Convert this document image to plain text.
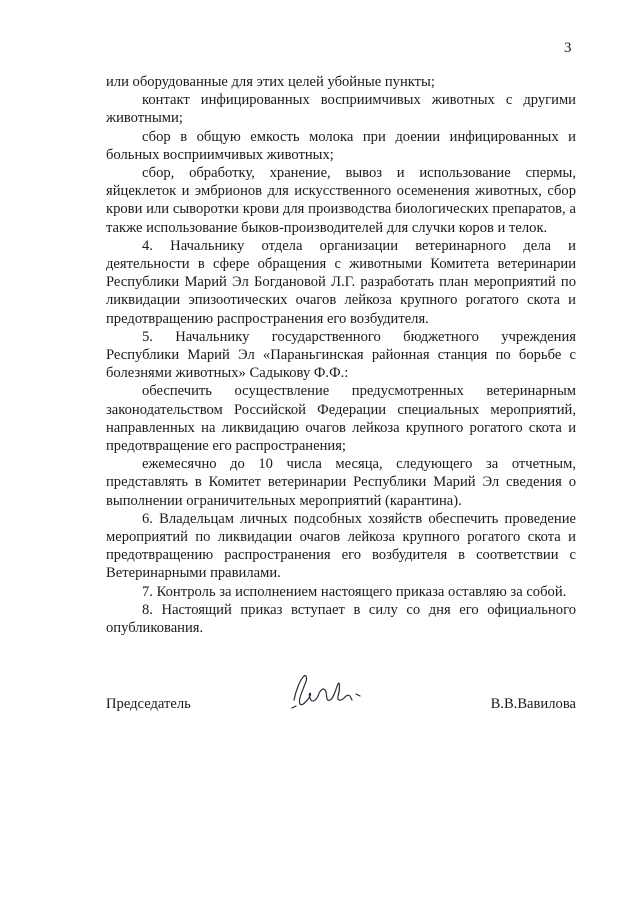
3

или оборудованные для этих целей убойные пункты;

контакт инфицированных восприимчивых животных с другими животными;

сбор в общую емкость молока при доении инфицированных и больных восприимчивых животных;

сбор, обработку, хранение, вывоз и использование спермы, яйцеклеток и эмбрионов для искусственного осеменения животных, сбор крови или сыворотки крови для производства биологических препаратов, а также использование быков-производителей для случки коров и телок.

4. Начальнику отдела организации ветеринарного дела и деятельности в сфере обращения с животными Комитета ветеринарии Республики Марий Эл Богдановой Л.Г. разработать план мероприятий по ликвидации эпизоотических очагов лейкоза крупного рогатого скота и предотвращению распространения его возбудителя.

5. Начальнику государственного бюджетного учреждения Республики Марий Эл «Параньгинская районная станция по борьбе с болезнями животных» Садыкову Ф.Ф.:

обеспечить осуществление предусмотренных ветеринарным законодательством Российской Федерации специальных мероприятий, направленных на ликвидацию очагов лейкоза крупного рогатого скота и предотвращение его распространения;

ежемесячно до 10 числа месяца, следующего за отчетным, представлять в Комитет ветеринарии Республики Марий Эл сведения о выполнении ограничительных мероприятий (карантина).

6. Владельцам личных подсобных хозяйств обеспечить проведение мероприятий по ликвидации очагов лейкоза крупного рогатого скота и предотвращению распространения его возбудителя в соответствии с Ветеринарными правилами.

7. Контроль за исполнением настоящего приказа оставляю за собой.

8. Настоящий приказ вступает в силу со дня его официального опубликования.

Председатель	В.В.Вавилова
